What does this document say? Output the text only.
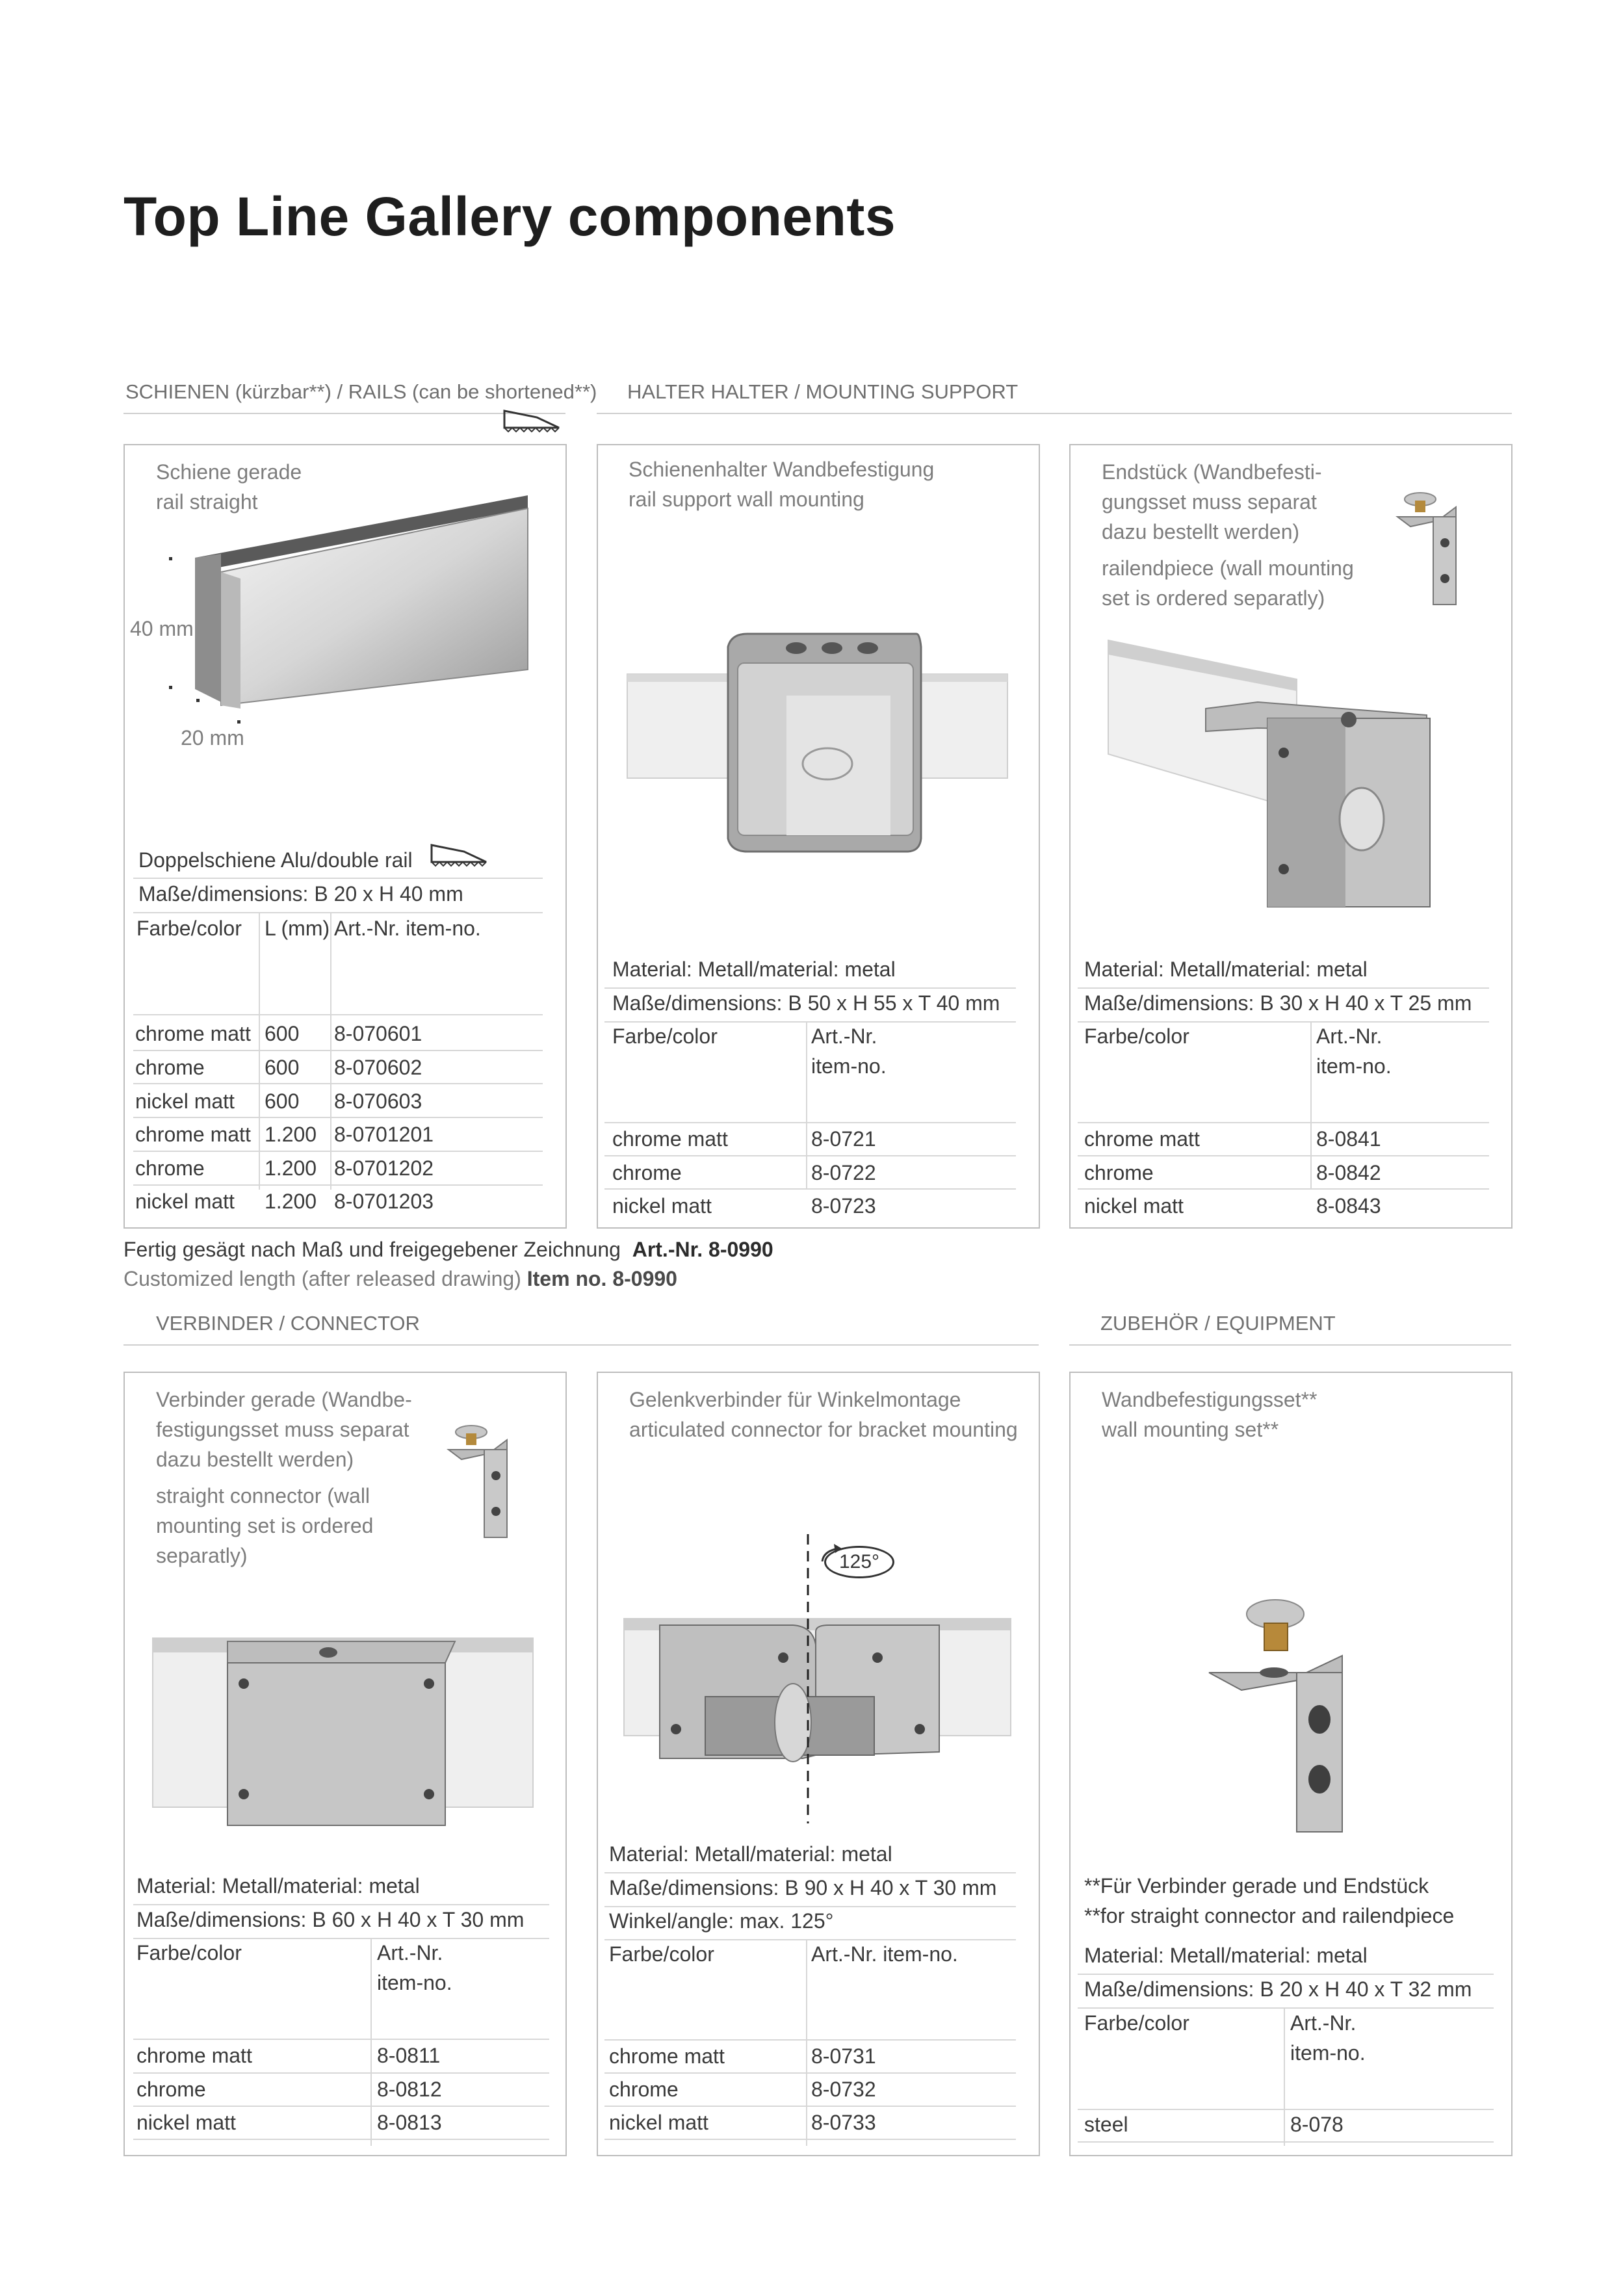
Top Line Gallery components
SCHIENEN (kürzbar**) / RAILS (can be shortened**) HALTER HALTER / MOUNTING SUPPORT
VERBINDER / CONNECTOR	ZUBEHÖR / EQUIPMENT
Schiene gerade
rail straight
40 mm
20 mm
Doppelschiene Alu/double rail
Maße/dimensions: B 20 x H 40 mm
Farbe/color L (mm) Art.-Nr. item-no.
chrome matt 600 8-070601
chrome	600 8-070602
nickel matt 600 8-070603
chrome matt 1.200 8-0701201
chrome	1.200 8-0701202
nickel matt 1.200 8-0701203
Fertig gesägt nach Maß und freigegebener Zeichnung Art.-Nr. 8-0990
Customized length (after released drawing) Item no. 8-0990
Schienenhalter Wandbefestigung
rail support wall mounting
Material: Metall/material: metal
Maße/dimensions: B 50 x H 55 x T 40 mm
Farbe/color	Art.-Nr.
item-no.
chrome matt	8-0721
chrome	8-0722
nickel matt	8-0723
Endstück (Wandbefesti-
gungsset muss separat
dazu bestellt werden)
railendpiece (wall mounting
set is ordered separatly)
Material: Metall/material: metal
Maße/dimensions: B 30 x H 40 x T 25 mm
Farbe/color	Art.-Nr.
item-no.
chrome matt	8-0841
chrome	8-0842
nickel matt	8-0843
Verbinder gerade (Wandbe-
festigungsset muss separat
dazu bestellt werden)
straight connector (wall
mounting set is ordered
separatly)
Material: Metall/material: metal
Maße/dimensions: B 60 x H 40 x T 30 mm
Farbe/color	Art.-Nr.
item-no.
chrome matt	8-0811
chrome	8-0812
nickel matt	8-0813
Gelenkverbinder für Winkelmontage
articulated connector for bracket mounting
125°
Material: Metall/material: metal
Maße/dimensions: B 90 x H 40 x T 30 mm
Winkel/angle: max. 125°
Farbe/color	Art.-Nr. item-no.
chrome matt	8-0731
chrome	8-0732
nickel matt	8-0733
Wandbefestigungsset**
wall mounting set**
**Für Verbinder gerade und Endstück
**for straight connector and railendpiece
Material: Metall/material: metal
Maße/dimensions: B 20 x H 40 x T 32 mm
Farbe/color	Art.-Nr.
item-no.
steel	8-078
